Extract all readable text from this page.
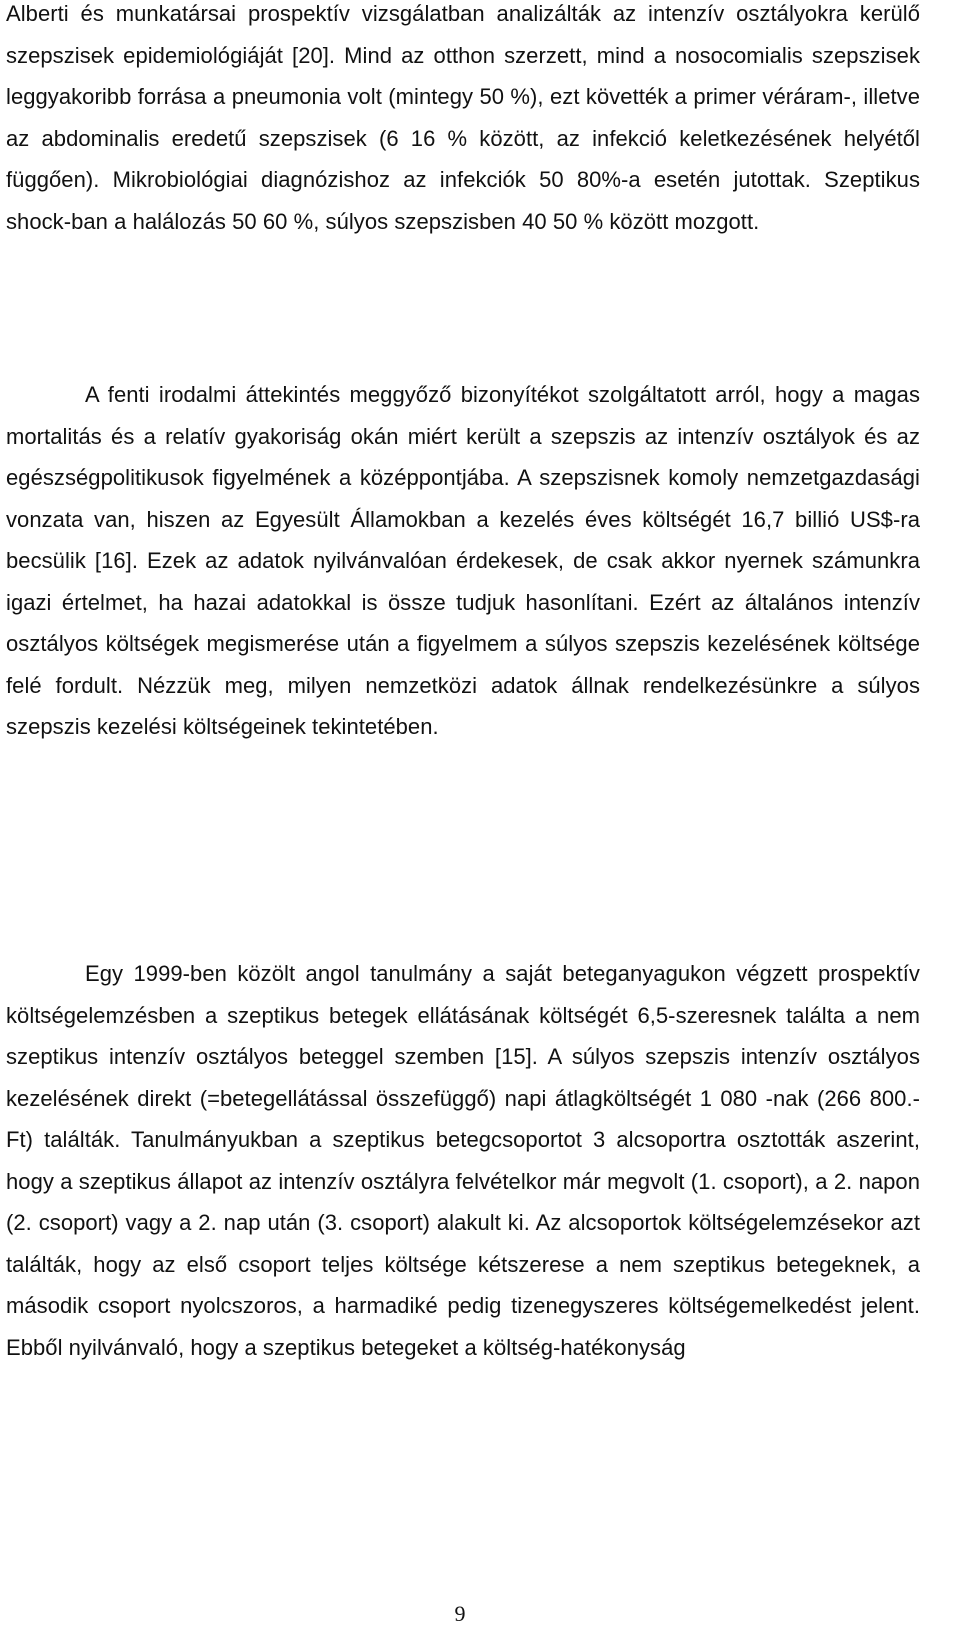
Alberti és munkatársai prospektív vizsgálatban analizálták az intenzív osztályokra kerülő szepszisek epidemiológiáját [20]. Mind az otthon szerzett, mind a nosocomialis szepszisek leggyakoribb forrása a pneumonia volt (mintegy 50 %), ezt követték a primer véráram-, illetve az abdominalis eredetű szepszisek (6 16 % között, az infekció keletkezésének helyétől függően). Mikrobiológiai diagnózishoz az infekciók 50 80%-a esetén jutottak. Szeptikus shock-ban a halálozás 50 60 %, súlyos szepszisben 40 50 % között mozgott.

A fenti irodalmi áttekintés meggyőző bizonyítékot szolgáltatott arról, hogy a magas mortalitás és a relatív gyakoriság okán miért került a szepszis az intenzív osztályok és az egészségpolitikusok figyelmének a középpontjába. A szepszisnek komoly nemzetgazdasági vonzata van, hiszen az Egyesült Államokban a kezelés éves költségét 16,7 billió US$-ra becsülik [16]. Ezek az adatok nyilvánvalóan érdekesek, de csak akkor nyernek számunkra igazi értelmet, ha hazai adatokkal is össze tudjuk hasonlítani. Ezért az általános intenzív osztályos költségek megismerése után a figyelmem a súlyos szepszis kezelésének költsége felé fordult. Nézzük meg, milyen nemzetközi adatok állnak rendelkezésünkre a súlyos szepszis kezelési költségeinek tekintetében.

Egy 1999-ben közölt angol tanulmány a saját beteganyagukon végzett prospektív költségelemzésben a szeptikus betegek ellátásának költségét 6,5-szeresnek találta a nem szeptikus intenzív osztályos beteggel szemben [15]. A súlyos szepszis intenzív osztályos kezelésének direkt (=betegellátással összefüggő) napi átlagköltségét 1 080 -nak (266 800.- Ft) találták. Tanulmányukban a szeptikus betegcsoportot 3 alcsoportra osztották aszerint, hogy a szeptikus állapot az intenzív osztályra felvételkor már megvolt (1. csoport), a 2. napon (2. csoport) vagy a 2. nap után (3. csoport) alakult ki. Az alcsoportok költségelemzésekor azt találták, hogy az első csoport teljes költsége kétszerese a nem szeptikus betegeknek, a második csoport nyolcszoros, a harmadiké pedig tizenegyszeres költségemelkedést jelent. Ebből nyilvánvaló, hogy a szeptikus betegeket a költség-hatékonyság

9
